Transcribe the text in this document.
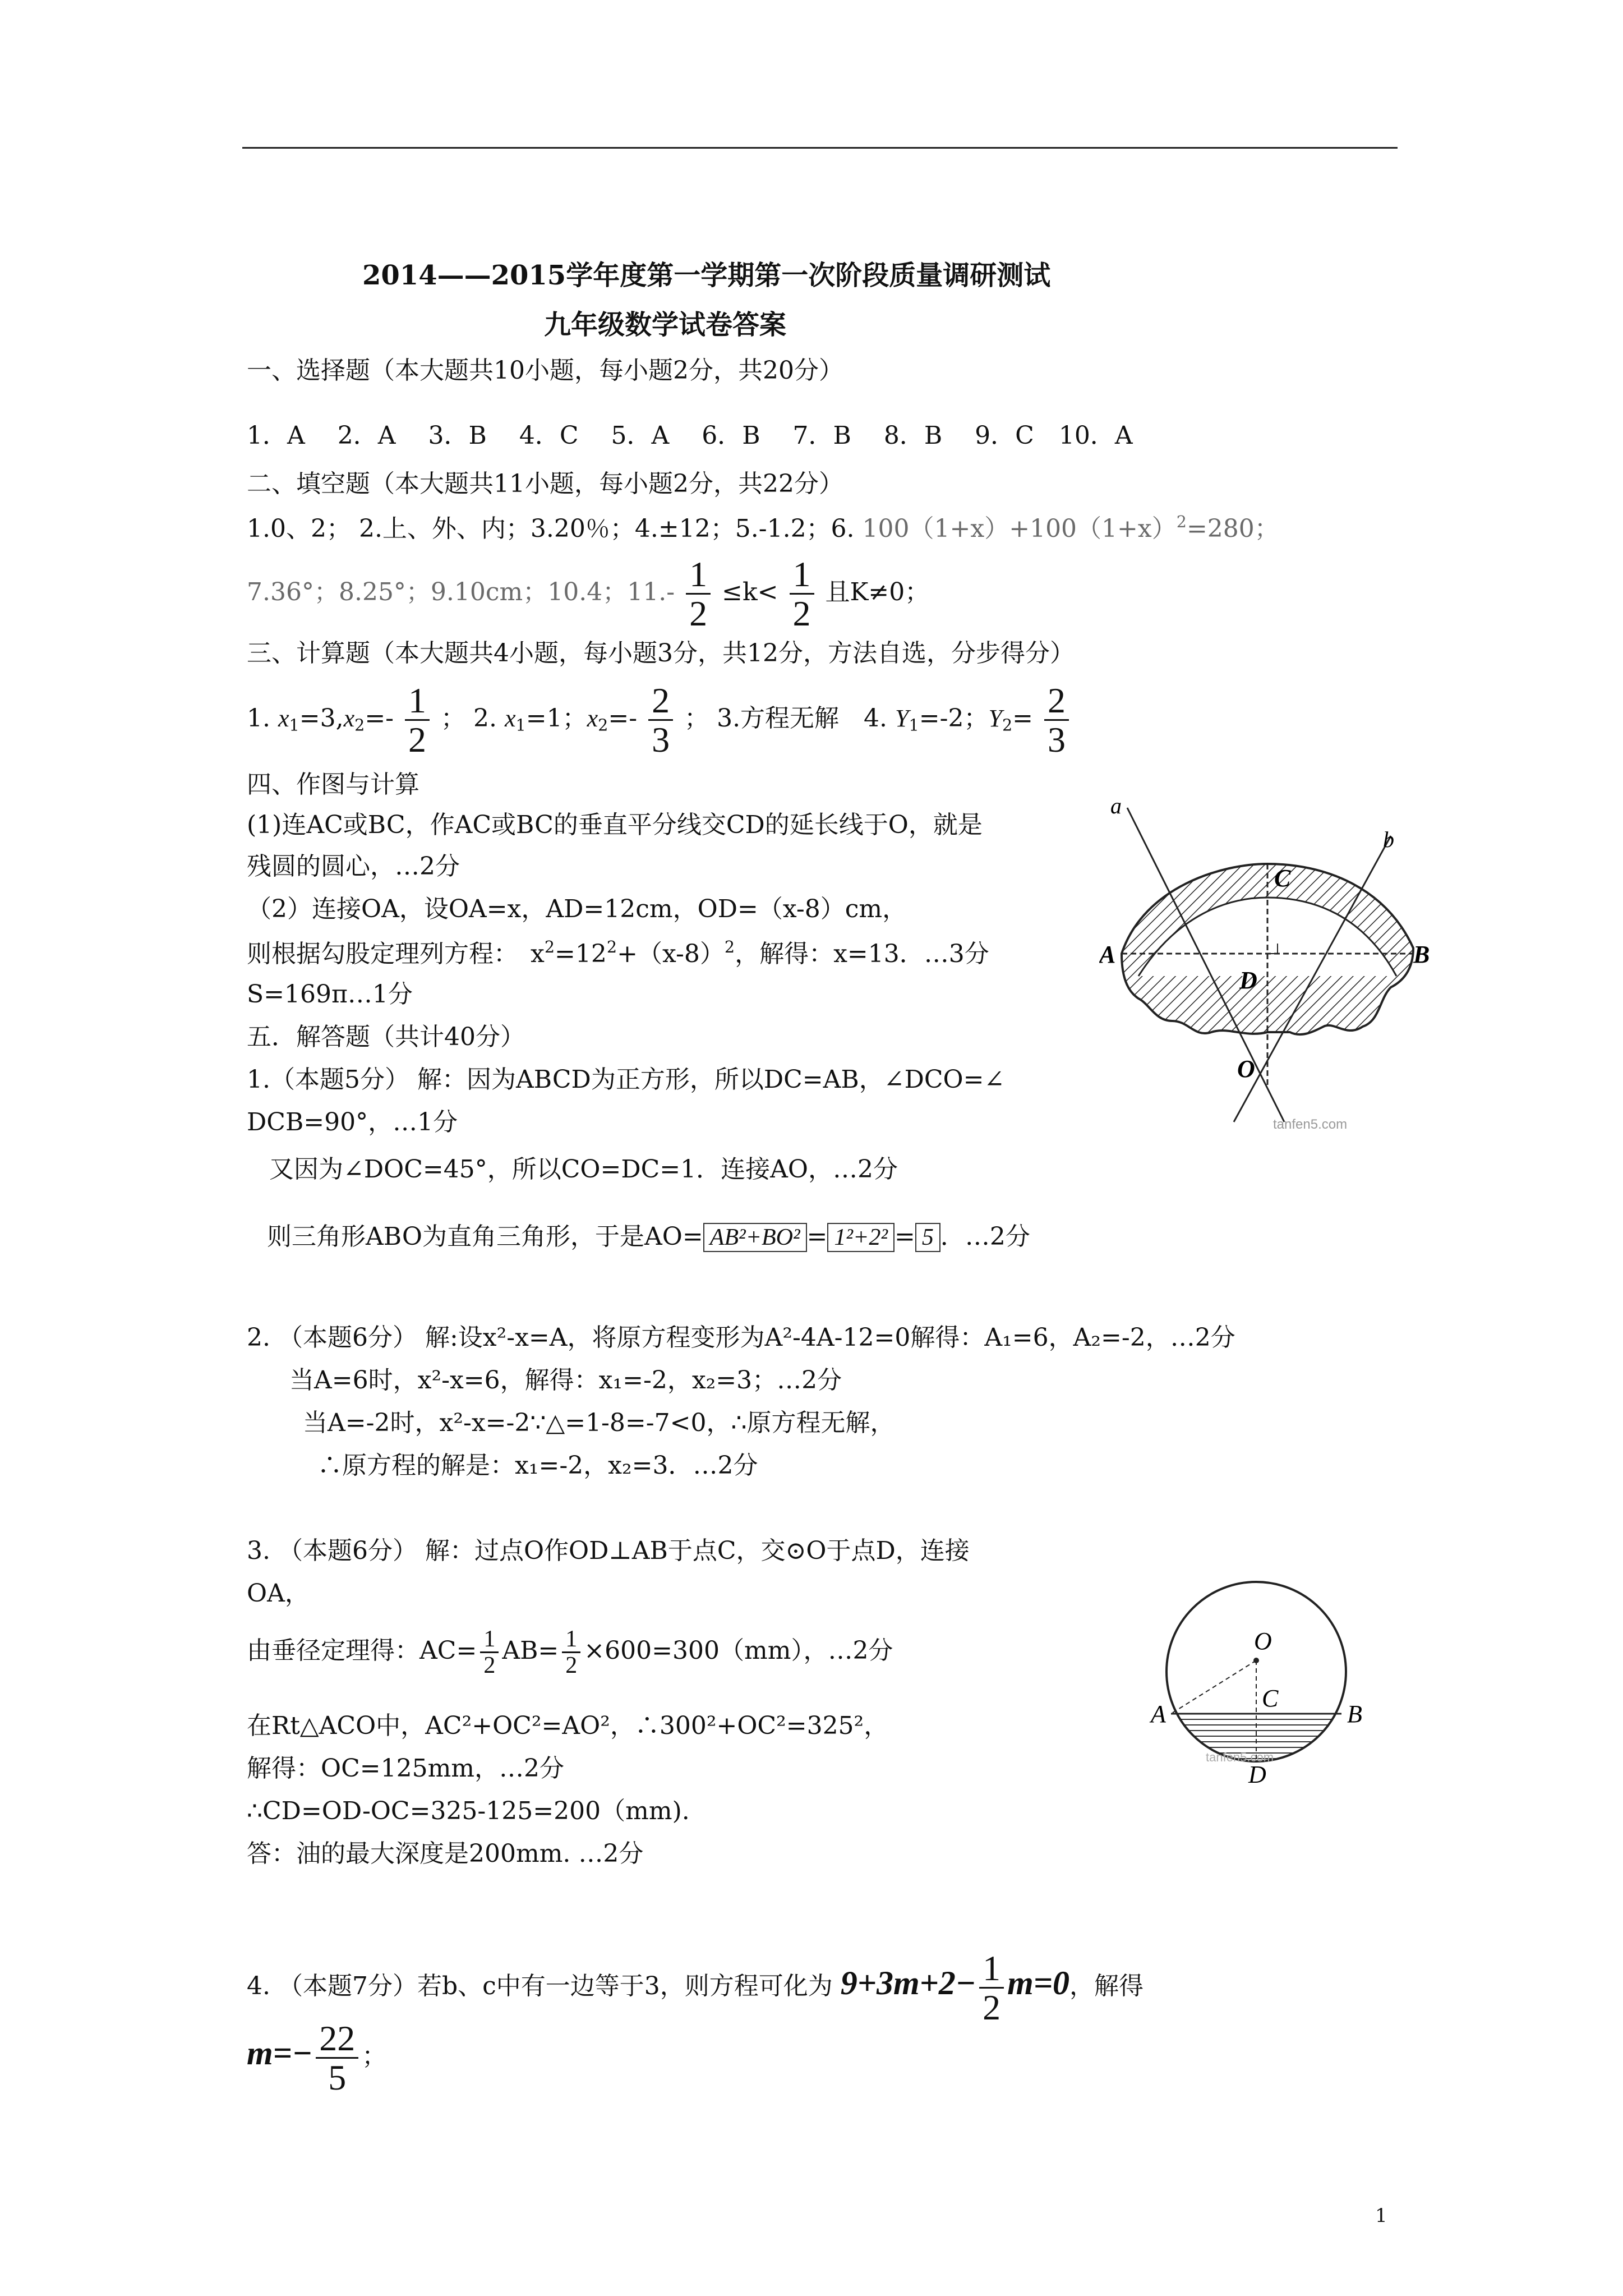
2014——2015学年度第一学期第一次阶段质量调研测试
九年级数学试卷答案
一、选择题（本大题共10小题，每小题2分，共20分）
1．A　 2．A　 3．B　 4．C　 5．A　 6．B　 7．B　 8．B　 9．C　10．A
二、填空题（本大题共11小题，每小题2分，共22分）
1.0、2； 2.上、外、内；3.20％；4.±12；5.-1.2；6. $100(1+x)+100(1+x)^2=280$；
7.36°；8.25°；9.10cm；10.4；$11.- \frac{1}{2} \le k< \frac{1}{2}$ 且K≠0；
三、计算题（本大题共4小题，每小题3分，共12分，方法自选，分步得分）
1. $x_1=3,x_2=- \frac{1}{2}$ ； 2. $x_1=1$；$x_2=- \frac{2}{3}$ ； 3.方程无解　4. $Y_1=-2$；$Y_2= \frac{2}{3}$
四、作图与计算
(1)连AC或BC，作AC或BC的垂直平分线交CD的延长线于O，就是
残圆的圆心，…2分
（2）连接OA，设OA=x，AD=12cm，OD=（x-8）cm，
则根据勾股定理列方程：　$x^2=12^2+(x-8)^2$，解得：x=13．…3分
S=169π…1分
a
b
C
A	B
D
O
tanfen5.com
五．解答题（共计40分）
1.（本题5分） 解：因为ABCD为正方形，所以DC=AB，∠DCO=∠
DCB=90°，…1分
又因为∠DOC=45°，所以CO=DC=1．连接AO，…2分
则三角形ABO为直角三角形，于是AO= AB²+BO² = 1²+2² = 5 ．…2分
2. （本题6分） 解:设x²-x=A，将原方程变形为A²-4A-12=0解得：A₁=6，A₂=-2，…2分
当A=6时，x²-x=6，解得：x₁=-2，x₂=3；…2分
当A=-2时，x²-x=-2∵△=1-8=-7<0，∴原方程无解，
∴原方程的解是：x₁=-2，x₂=3．…2分
3. （本题6分） 解：过点O作OD⊥AB于点C，交⊙O于点D，连接
OA，
由垂径定理得：$AC= \frac{1}{2} AB= \frac{1}{2} \times 600=300(mm)$，…2分
在Rt△ACO中，AC²+OC²=AO²，∴300²+OC²=325²，
解得：OC=125mm，…2分
∴CD=OD-OC=325-125=200（mm).
答：油的最大深度是200mm. …2分
O
C
A	B
D
tanfen5.com
4. （本题7分）若b、c中有一边等于3，则方程可化为 $9+3m+2- \frac{1}{2} m=0$，解得
$m=- \frac{22}{5}$ ；
1
